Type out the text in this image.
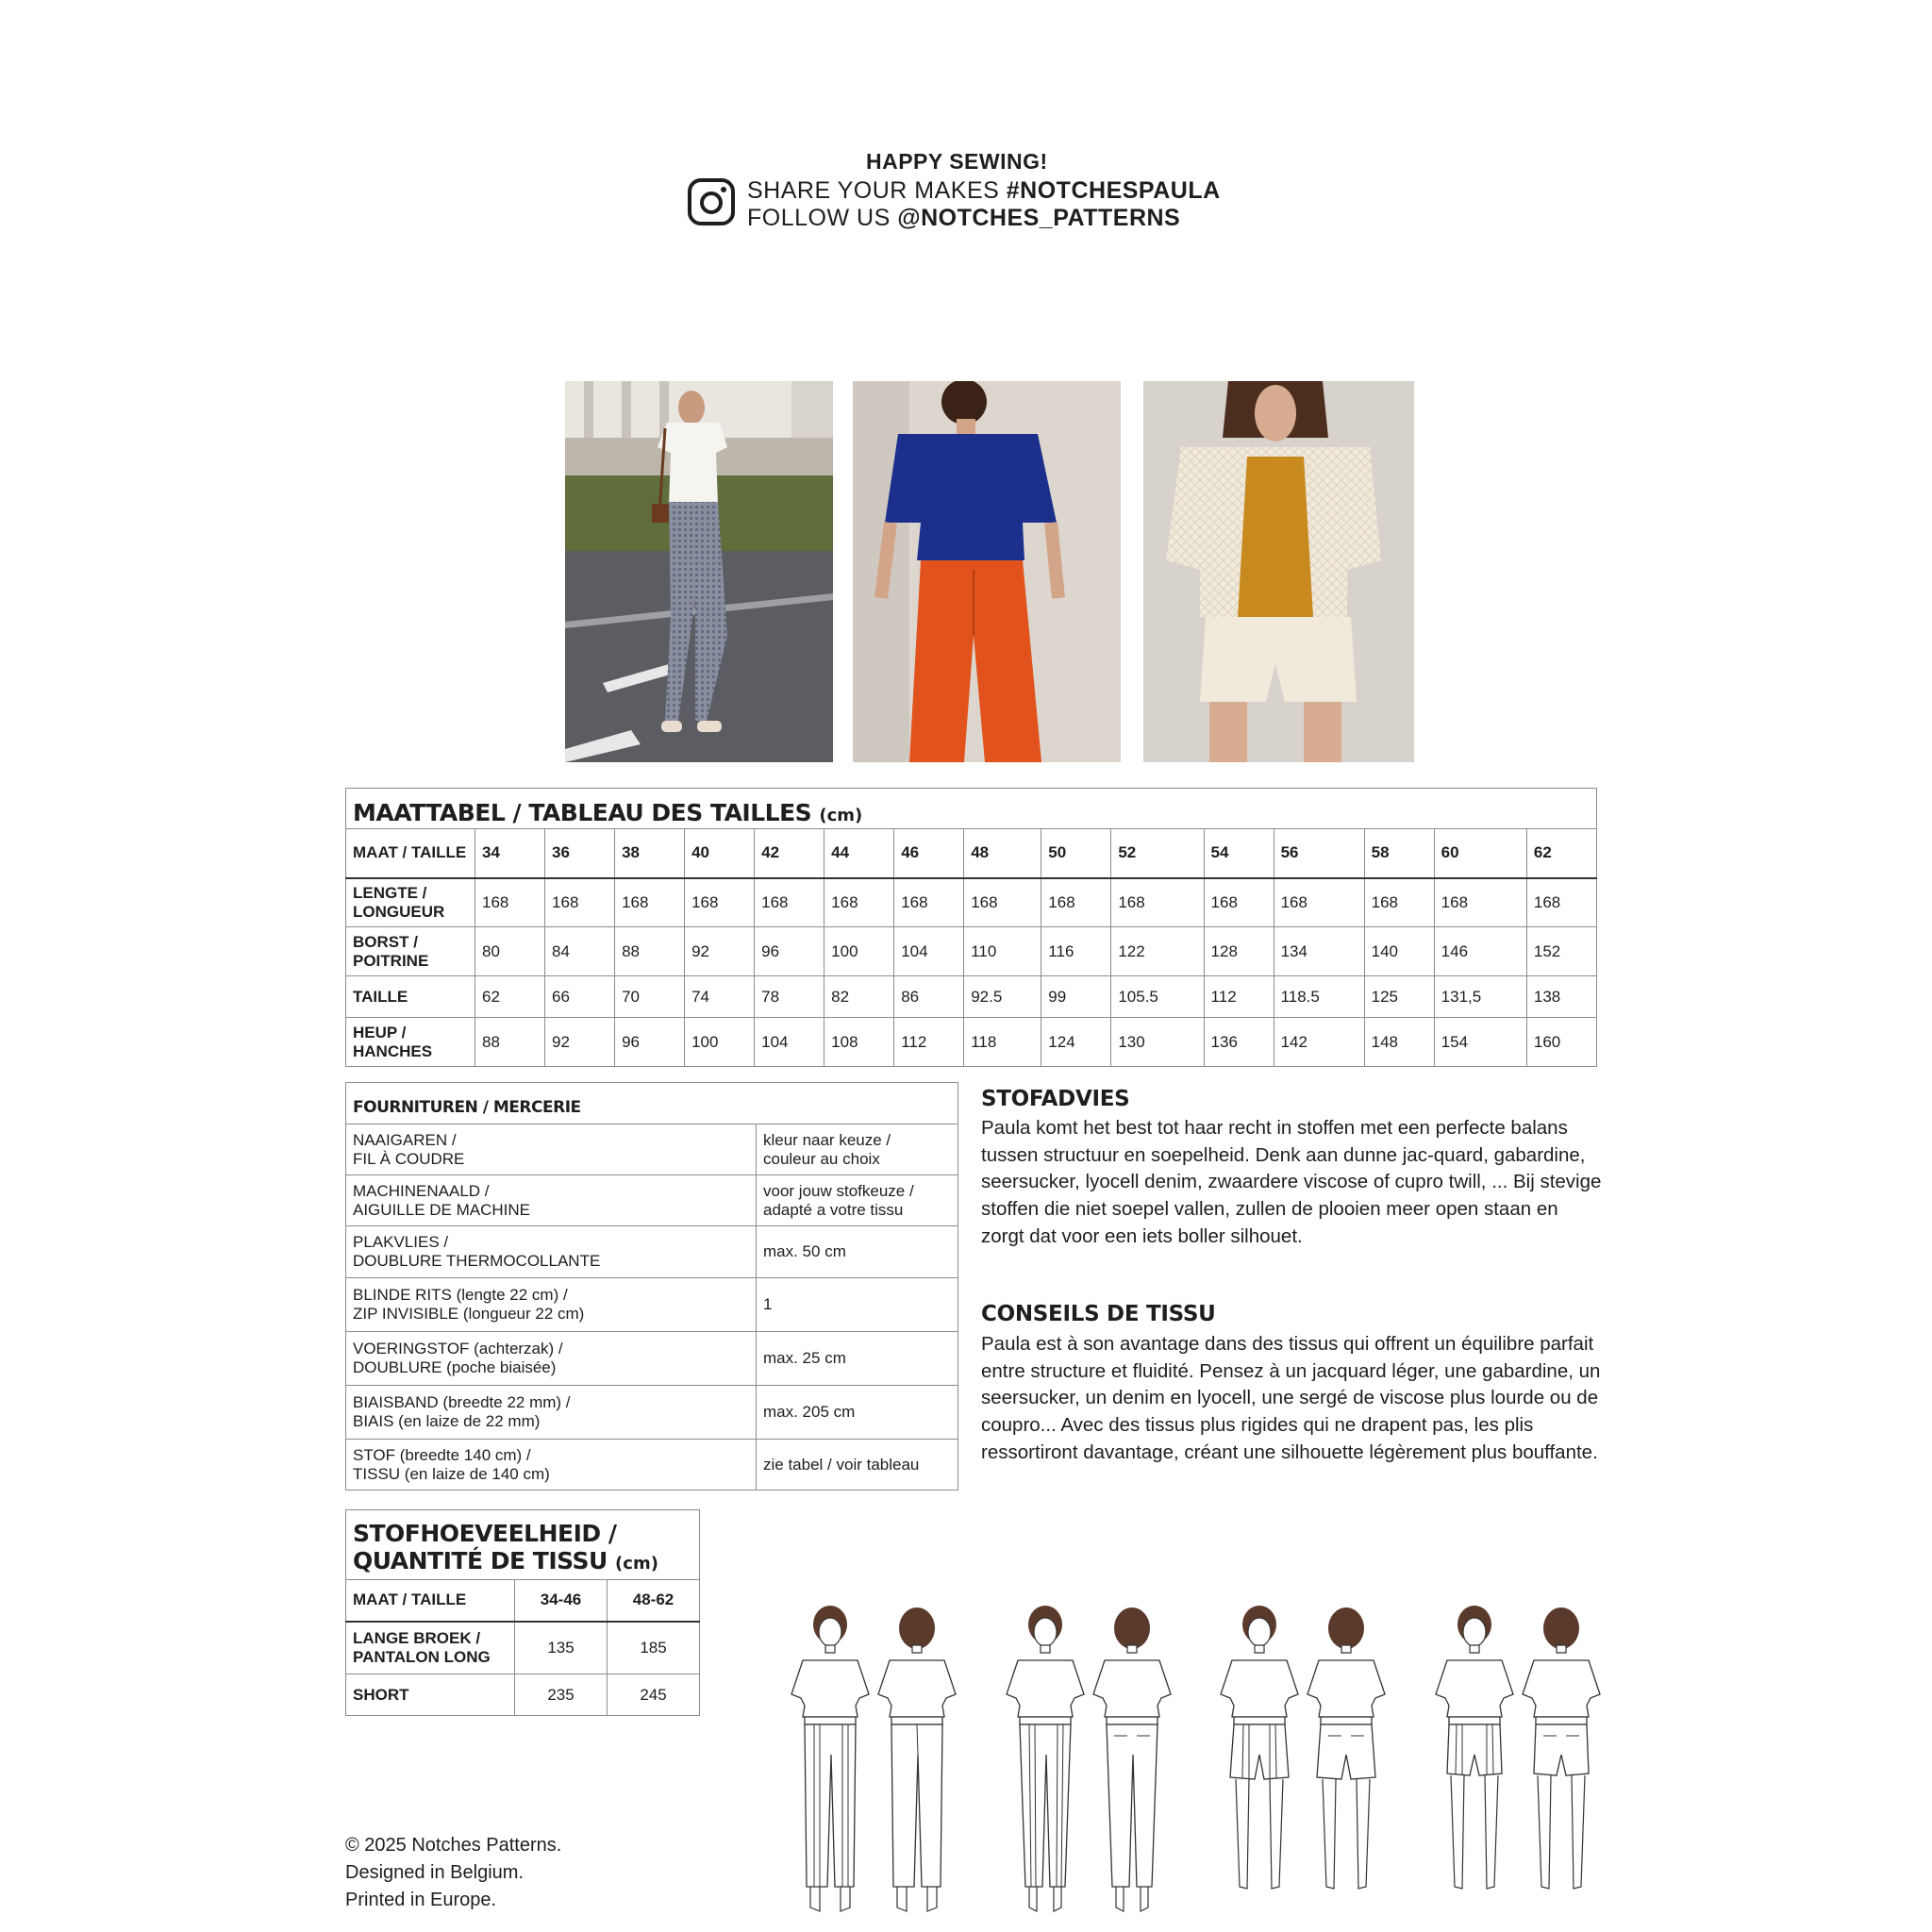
HAPPY SEWING!
SHARE YOUR MAKES #NOTCHESPAULA
FOLLOW US @NOTCHES_PATTERNS
MAATTABEL / TABLEAU DES TAILLES (cm)															
MAAT / TAILLE	34	36	38	40	42	44	46	48	50	52	54	56	58	60	62
LENGTE / LONGUEUR	168	168	168	168	168	168	168	168	168	168	168	168	168	168	168
BORST / POITRINE	80	84	88	92	96	100	104	110	116	122	128	134	140	146	152
TAILLE	62	66	70	74	78	82	86	92.5	99	105.5	112	118.5	125	131,5	138
HEUP / HANCHES	88	92	96	100	104	108	112	118	124	130	136	142	148	154	160
FOURNITUREN / MERCERIE	
NAAIGAREN /
FIL À COUDRE	kleur naar keuze /
couleur au choix
MACHINENAALD /
AIGUILLE DE MACHINE	voor jouw stofkeuze /
adapté a votre tissu
PLAKVLIES /
DOUBLURE THERMOCOLLANTE	max. 50 cm
BLINDE RITS (lengte 22 cm) /
ZIP INVISIBLE (longueur 22 cm)	1
VOERINGSTOF (achterzak) /
DOUBLURE (poche biaisée)	max. 25 cm
BIAISBAND (breedte 22 mm) /
BIAIS (en laize de 22 mm)	max. 205 cm
STOF (breedte 140 cm) /
TISSU (en laize de 140 cm)	zie tabel / voir tableau
STOFHOEVEELHEID /
QUANTITÉ DE TISSU (cm)		
MAAT / TAILLE	34-46	48-62
LANGE BROEK /
PANTALON LONG	135	185
SHORT	235	245
STOFADVIES
Paula komt het best tot haar recht in stoffen met een perfecte balans tussen structuur en soepelheid. Denk aan dunne jac-quard, gabardine, seersucker, lyocell denim, zwaardere viscose of cupro twill, ... Bij stevige stoffen die niet soepel vallen, zullen de plooien meer open staan en zorgt dat voor een iets boller silhouet.
CONSEILS DE TISSU
Paula est à son avantage dans des tissus qui offrent un équilibre parfait entre structure et fluidité. Pensez à un jacquard léger, une gabardine, un seersucker, un denim en lyocell, une sergé de viscose plus lourde ou de coupro... Avec des tissus plus rigides qui ne drapent pas, les plis ressortiront davantage, créant une silhouette légèrement plus bouffante.
© 2025 Notches Patterns.
Designed in Belgium.
Printed in Europe.
